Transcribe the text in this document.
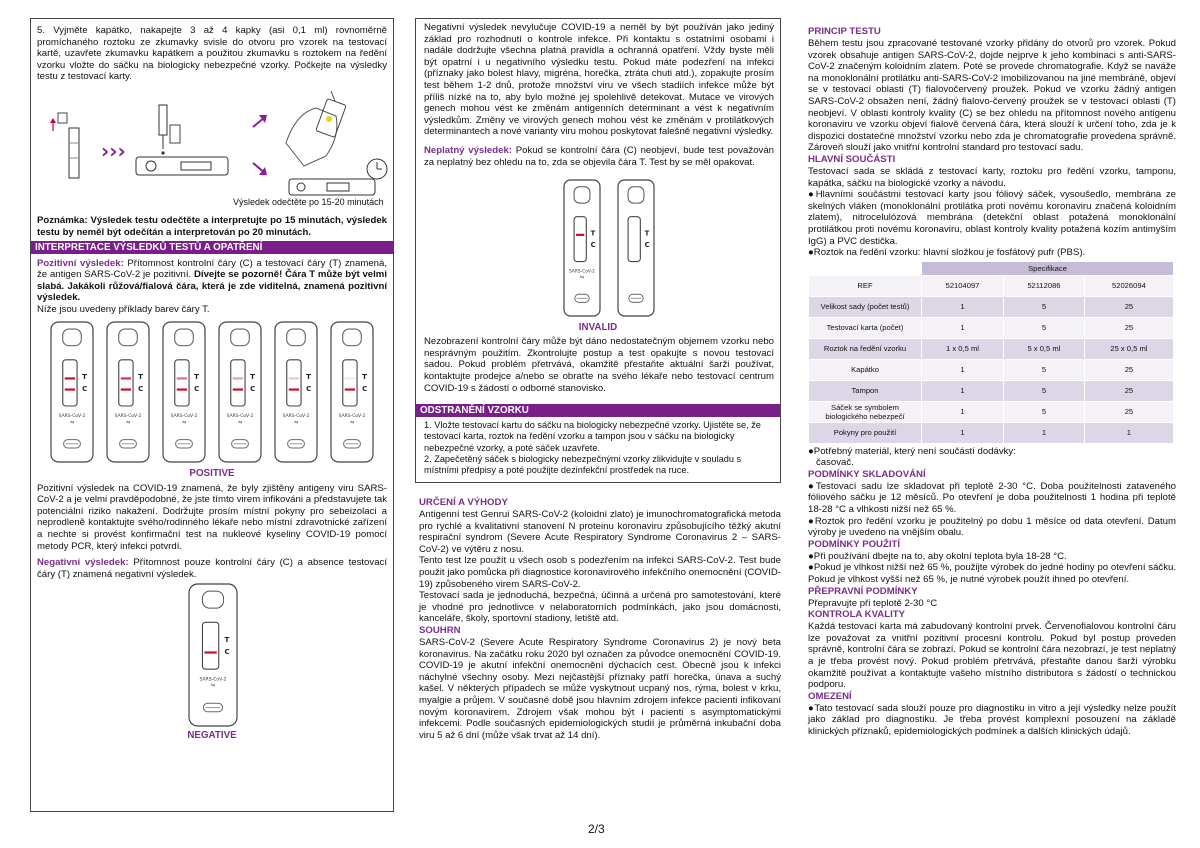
5. Vyjměte kapátko, nakapejte 3 až 4 kapky (asi 0,1 ml) rovnoměrně promíchaného roztoku ze zkumavky svisle do otvoru pro vzorek na testovací kartě, uzavřete zkumavku kapátkem a použitou zkumavku s roztokem na ředění vzorku vložte do sáčku na biologicky nebezpečné vzorky. Počkejte na výsledky testu z testovací karty.

›››
Výsledek odečtěte po 15-20 minutách

Poznámka: Výsledek testu odečtěte a interpretujte po 15 minutách, výsledek testu by neměl být odečítán a interpretován po 20 minutách.

INTERPRETACE VÝSLEDKŮ TESTŮ A OPATŘENÍ

Pozitivní výsledek: Přítomnost kontrolní čáry (C) a testovací čáry (T) znamená, že antigen SARS-CoV-2 je pozitivní. Dívejte se pozorně! Čára T může být velmi slabá. Jakákoli růžová/fialová čára, která je zde viditelná, znamená pozitivní výsledek.

Níže jsou uvedeny příklady barev čáry T.

T
C
SARS-CoV-2
Ag
T
C
SARS-CoV-2
Ag
T
C
SARS-CoV-2
Ag
T
C
SARS-CoV-2
Ag
T
C
SARS-CoV-2
Ag
T
C
SARS-CoV-2
Ag
POSITIVE

Pozitivní výsledek na COVID-19 znamená, že byly zjištěny antigeny viru SARS-CoV-2 a je velmi pravděpodobné, že jste tímto virem infikováni a představujete tak potenciální riziko nakažení. Dodržujte prosím místní pokyny pro sebeizolaci a neprodleně kontaktujte svého/rodinného lékaře nebo místní zdravotnické zařízení a nechte si provést konfirmační test na nukleové kyseliny COVID-19 pomocí metody PCR, který infekci potvrdí.

Negativní výsledek: Přítomnost pouze kontrolní čáry (C) a absence testovací čáry (T) znamená negativní výsledek.

T
C
SARS-CoV-2
Ag
NEGATIVE

Negativní výsledek nevylučuje COVID-19 a neměl by být používán jako jediný základ pro rozhodnutí o kontrole infekce. Při kontaktu s ostatními osobami i nadále dodržujte všechna platná pravidla a ochranná opatření. Vždy byste měli být opatrní i u negativního výsledku testu. Pokud máte podezření na infekci (příznaky jako bolest hlavy, migréna, horečka, ztráta chuti atd.), zopakujte prosím test během 1-2 dnů, protože množství viru ve všech stadiích infekce může být příliš nízké na to, aby bylo možné jej spolehlivě detekovat. Mutace ve virových genech mohou vést ke změnám antigenních determinant a vést k negativním výsledkům. Změny ve virových genech mohou vést ke změnám v protilátkových determinantech a nové varianty viru mohou poskytovat falešně negativní výsledky.

Neplatný výsledek: Pokud se kontrolní čára (C) neobjeví, bude test považován za neplatný bez ohledu na to, zda se objevila čára T. Test by se měl opakovat.

T
C
SARS-CoV-2
Ag
T
C
INVALID

Nezobrazení kontrolní čáry může být dáno nedostatečným objemem vzorku nebo nesprávným použitím. Zkontrolujte postup a test opakujte s novou testovací sadou. Pokud problém přetrvává, okamžitě přestaňte aktuální šarži používat, kontaktujte prodejce a/nebo se obraťte na svého lékaře nebo testovací centrum COVID-19 s žádostí o odborné stanovisko.

ODSTRANĚNÍ VZORKU

1. Vložte testovací kartu do sáčku na biologicky nebezpečné vzorky. Ujistěte se, že testovací karta, roztok na ředění vzorku a tampon jsou v sáčku na biologicky nebezpečné vzorky, a poté sáček uzavřete.

2. Zapečetěný sáček s biologicky nebezpečnými vzorky zlikvidujte v souladu s místními předpisy a poté použijte dezinfekční prostředek na ruce.

URČENÍ A VÝHODY

Antigenní test Genrui SARS-CoV-2 (koloidní zlato) je imunochromatografická metoda pro rychlé a kvalitativní stanovení N proteinu koronaviru způsobujícího těžký akutní respirační syndrom (Severe Acute Respiratory Syndrome Coronavirus 2 – SARS-CoV-2) ve výtěru z nosu.

Tento test lze použít u všech osob s podezřením na infekci SARS-CoV-2. Test bude použit jako pomůcka při diagnostice koronavirového infekčního onemocnění (COVID-19) způsobeného virem SARS-CoV-2.

Testovací sada je jednoduchá, bezpečná, účinná a určená pro samotestování, které je vhodné pro jednotlivce v nelaboratorních podmínkách, jako jsou domácnosti, kanceláře, školy, sportovní stadiony, letiště atd.

SOUHRN

SARS-CoV-2 (Severe Acute Respiratory Syndrome Coronavirus 2) je nový beta koronavirus. Na začátku roku 2020 byl označen za původce onemocnění COVID-19. COVID-19 je akutní infekční onemocnění dýchacích cest. Obecně jsou k infekci náchylné všechny osoby. Mezi nejčastější příznaky patří horečka, únava a suchý kašel. V některých případech se může vyskytnout ucpaný nos, rýma, bolest v krku, myalgie a průjem. V současné době jsou hlavním zdrojem infekce pacienti infikovaní novým koronavirem. Zdrojem však mohou být i pacienti s asymptomatickými infekcemi. Podle současných epidemiologických studií je průměrná inkubační doba viru 5 až 6 dní (může však trvat až 14 dní).

PRINCIP TESTU

Během testu jsou zpracované testované vzorky přidány do otvorů pro vzorek. Pokud vzorek obsahuje antigen SARS-CoV-2, dojde nejprve k jeho kombinaci s anti-SARS-CoV-2 značeným koloidním zlatem. Poté se provede chromatografie. Když se naváže na monoklonální protilátku anti-SARS-CoV-2 imobilizovanou na jiné membráně, objeví se v testovací oblasti (T) fialovočervený proužek. Pokud ve vzorku žádný antigen SARS-CoV-2 obsažen není, žádný fialovo-červený proužek se v testovací oblasti (T) neobjeví. V oblasti kontroly kvality (C) se bez ohledu na přítomnost nového antigenu koronaviru ve vzorku objeví fialově červená čára, která slouží k určení toho, zda je k dispozici dostatečné množství vzorku nebo zda je chromatografie provedena správně. Zároveň slouží jako vnitřní kontrolní standard pro testovací sadu.

HLAVNÍ SOUČÁSTI

Testovací sada se skládá z testovací karty, roztoku pro ředění vzorku, tamponu, kapátka, sáčku na biologické vzorky a návodu.

●Hlavními součástmi testovací karty jsou fóliový sáček, vysoušedlo, membrána ze skelných vláken (monoklonální protilátka proti novému koronaviru značená koloidním zlatem), nitrocelulózová membrána (detekční oblast potažená monoklonální protilátkou proti novému koronaviru, oblast kontroly kvality potažená kozím antimyším IgG) a PVC destička.

●Roztok na ředění vzorku: hlavní složkou je fosfátový pufr (PBS).

	Specifikace		
REF	52104097	52112086	52026094
Velikost sady (počet testů)	1	5	25
Testovací karta (počet)	1	5	25
Roztok na ředění vzorku	1 x 0,5 ml	5 x 0,5 ml	25 x 0,5 ml
Kapátko	1	5	25
Tampon	1	5	25
Sáček se symbolem biologického nebezpečí	1	5	25
Pokyny pro použití	1	1	1

●Potřebný materiál, který není součástí dodávky:

časovač.

PODMÍNKY SKLADOVÁNÍ

●Testovací sadu lze skladovat při teplotě 2-30 °C. Doba použitelnosti zataveného fóliového sáčku je 12 měsíců. Po otevření je doba použitelnosti 1 hodina při teplotě 18-28 °C a vlhkosti nižší než 65 %.

●Roztok pro ředění vzorku je použitelný po dobu 1 měsíce od data otevření. Datum výroby je uvedeno na vnějším obalu.

PODMÍNKY POUŽITÍ

●Při používání dbejte na to, aby okolní teplota byla 18-28 °C.

●Pokud je vlhkost nižší než 65 %, použijte výrobek do jedné hodiny po otevření sáčku. Pokud je vlhkost vyšší než 65 %, je nutné výrobek použít ihned po otevření.

PŘEPRAVNÍ PODMÍNKY

Přepravujte při teplotě 2-30 °C

KONTROLA KVALITY

Každá testovací karta má zabudovaný kontrolní prvek. Červenofialovou kontrolní čáru lze považovat za vnitřní pozitivní procesní kontrolu. Pokud byl postup proveden správně, kontrolní čára se zobrazí. Pokud se kontrolní čára nezobrazí, je test neplatný a je třeba provést nový. Pokud problém přetrvává, přestaňte danou šarži výrobku okamžitě používat a kontaktujte vašeho místního distributora s žádostí o technickou podporu.

OMEZENÍ

●Tato testovací sada slouží pouze pro diagnostiku in vitro a její výsledky nelze použít jako základ pro diagnostiku. Je třeba provést komplexní posouzení na základě klinických příznaků, epidemiologických podmínek a dalších klinických údajů.

2/3
